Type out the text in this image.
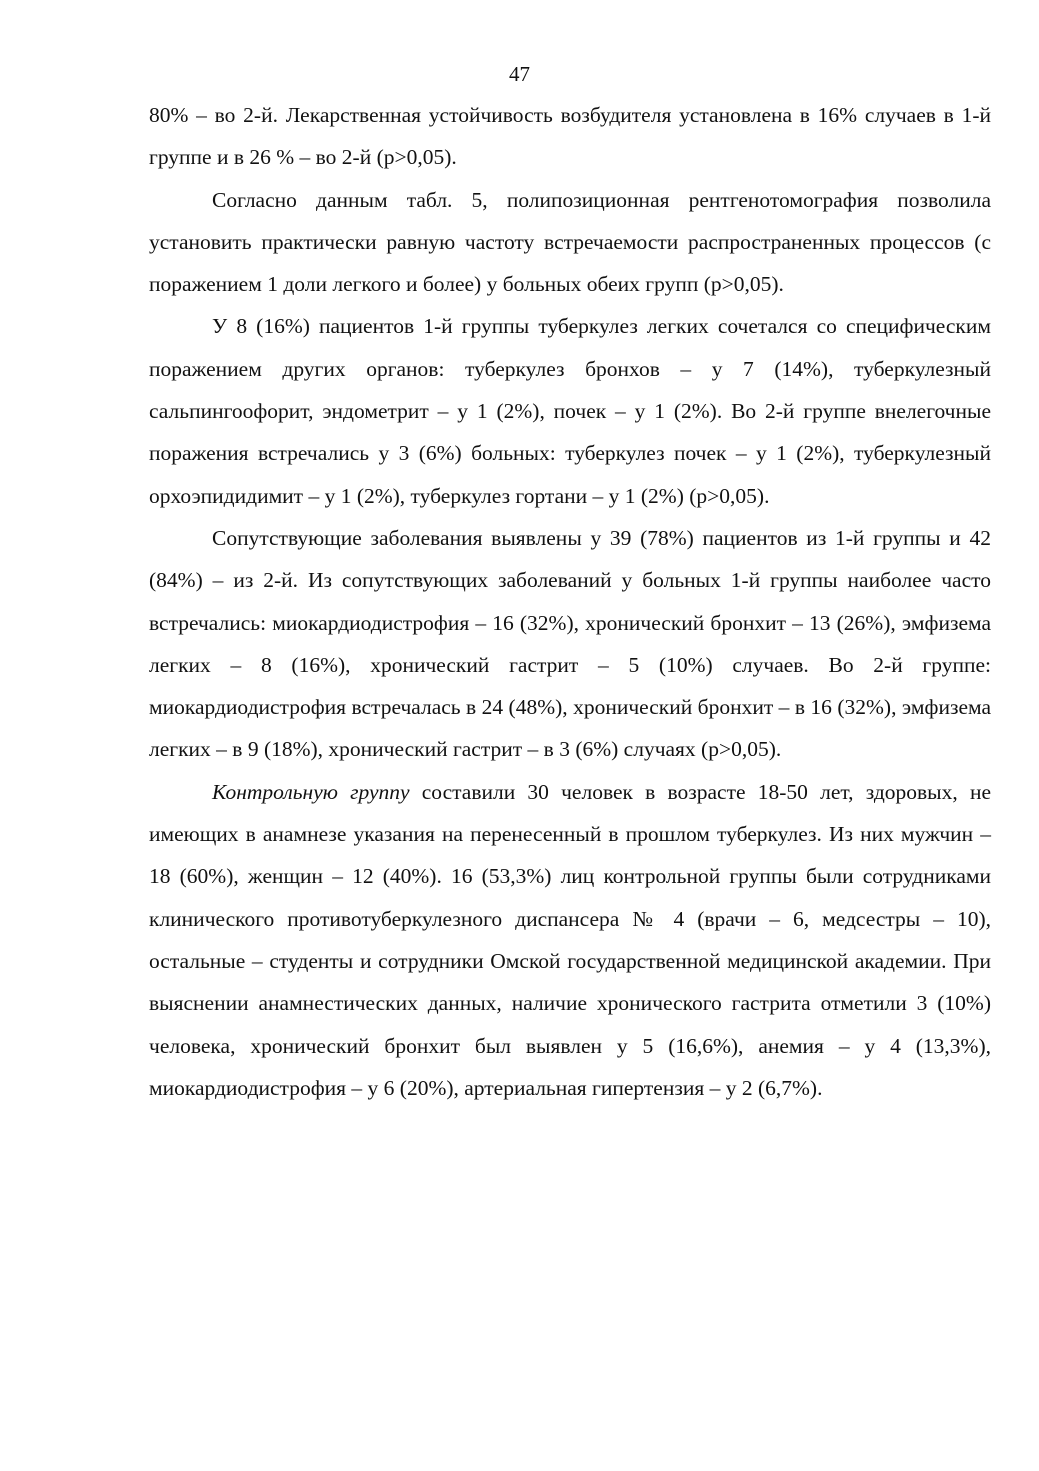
47

80% – во 2-й. Лекарственная устойчивость возбудителя установлена в 16% случаев в 1-й группе и в 26 % – во 2-й (p>0,05).

Согласно данным табл. 5, полипозиционная рентгенотомография позволила установить практически равную частоту встречаемости распространенных процессов (с поражением 1 доли легкого и более) у больных обеих групп (p>0,05).

У 8 (16%) пациентов 1-й группы туберкулез легких сочетался со специфическим поражением других органов: туберкулез бронхов – у 7 (14%), туберкулезный сальпингоофорит, эндометрит – у 1 (2%), почек – у 1 (2%). Во 2-й группе внелегочные поражения встречались у 3 (6%) больных: туберкулез почек – у 1 (2%), туберкулезный орхоэпидидимит – у 1 (2%), туберкулез гортани – у 1 (2%) (p>0,05).

Сопутствующие заболевания выявлены у 39 (78%) пациентов из 1-й группы и 42 (84%) – из 2-й. Из сопутствующих заболеваний у больных 1-й группы наиболее часто встречались: миокардиодистрофия – 16 (32%), хронический бронхит – 13 (26%), эмфизема легких – 8 (16%), хронический гастрит – 5 (10%) случаев. Во 2-й группе: миокардиодистрофия встречалась в 24 (48%), хронический бронхит – в 16 (32%), эмфизема легких – в 9 (18%), хронический гастрит – в 3 (6%) случаях (p>0,05).

Контрольную группу составили 30 человек в возрасте 18-50 лет, здоровых, не имеющих в анамнезе указания на перенесенный в прошлом туберкулез. Из них мужчин – 18 (60%), женщин – 12 (40%). 16 (53,3%) лиц контрольной группы были сотрудниками клинического противотуберкулезного диспансера № 4 (врачи – 6, медсестры – 10), остальные – студенты и сотрудники Омской государственной медицинской академии. При выяснении анамнестических данных, наличие хронического гастрита отметили 3 (10%) человека, хронический бронхит был выявлен у 5 (16,6%), анемия – у 4 (13,3%), миокардиодистрофия – у 6 (20%), артериальная гипертензия – у 2 (6,7%).
